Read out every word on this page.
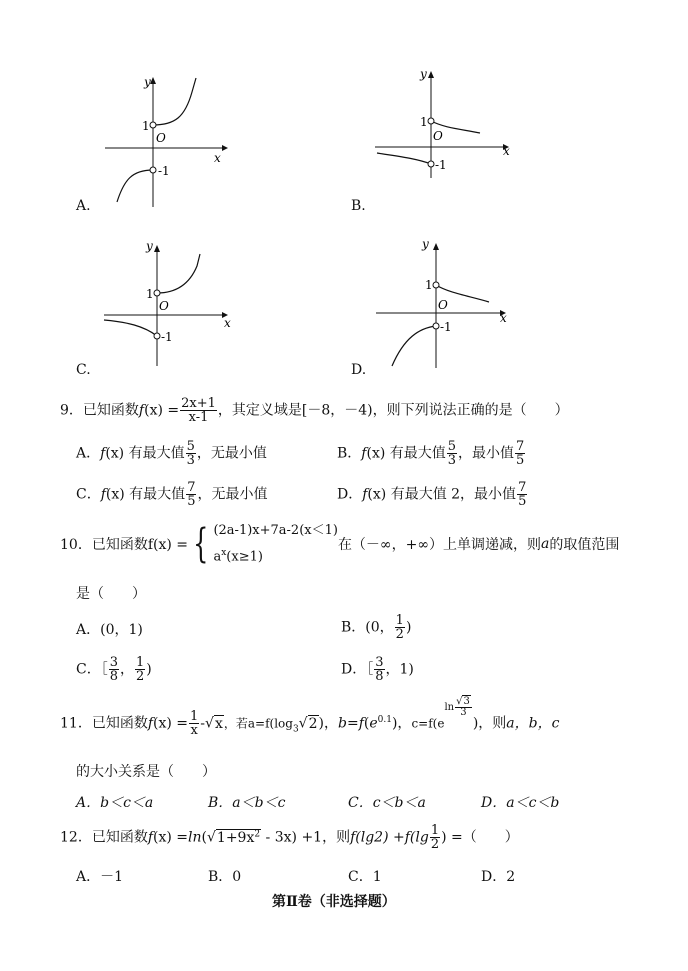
y
x
O
1
-1
A.
y
x
O
1
-1
B.
y
x
O
1
-1
C.
y
x
O
1
-1
D.
9．已知函数$f(x) = \frac{2x+1}{x-1}$ ，其定义域是[－8，－4)，则下列说法正确的是（　　）
A．f(x) 有最大值 $\frac{5}{3}$ ，无最小值	B．f(x) 有最大值 $\frac{5}{3}$ ，最小值 $\frac{7}{5}$
C．f(x) 有最大值 $\frac{7}{5}$ ，无最小值	D．f(x) 有最大值 2，最小值 $\frac{7}{5}$
10．已知函数f(x) = { (2a-1)x+7a-2(x＜1)
$a^x(x\ge 1)$
在（－∞，+∞）上单调递减，则a的取值范围
是（　　）
A．(0，1)	B．(0， $\frac{1}{2}$ )
C．［ $\frac{3}{8}$ ， $\frac{1}{2}$ )	D．［ $\frac{3}{8}$ ，1)
11．已知函数$f(x) = \frac{1}{x} -√x$，若$a=f(\log_3√2)$，$b=f(e^{0.1})$，$c=f(eln \frac{√3}{3}$
)，则a，b，c
的大小关系是（　　）
A．b＜c＜a	B．a＜b＜c	C．c＜b＜a	D．a＜c＜b
12．已知函数$f(x) =\ln(√1+9x^2 - 3x) +1$，则$f(\lg 2) +f(\lg \frac{1}{2}$ ) =（　　）
A．－1	B．0	C．1	D．2
第Ⅱ卷（非选择题）
